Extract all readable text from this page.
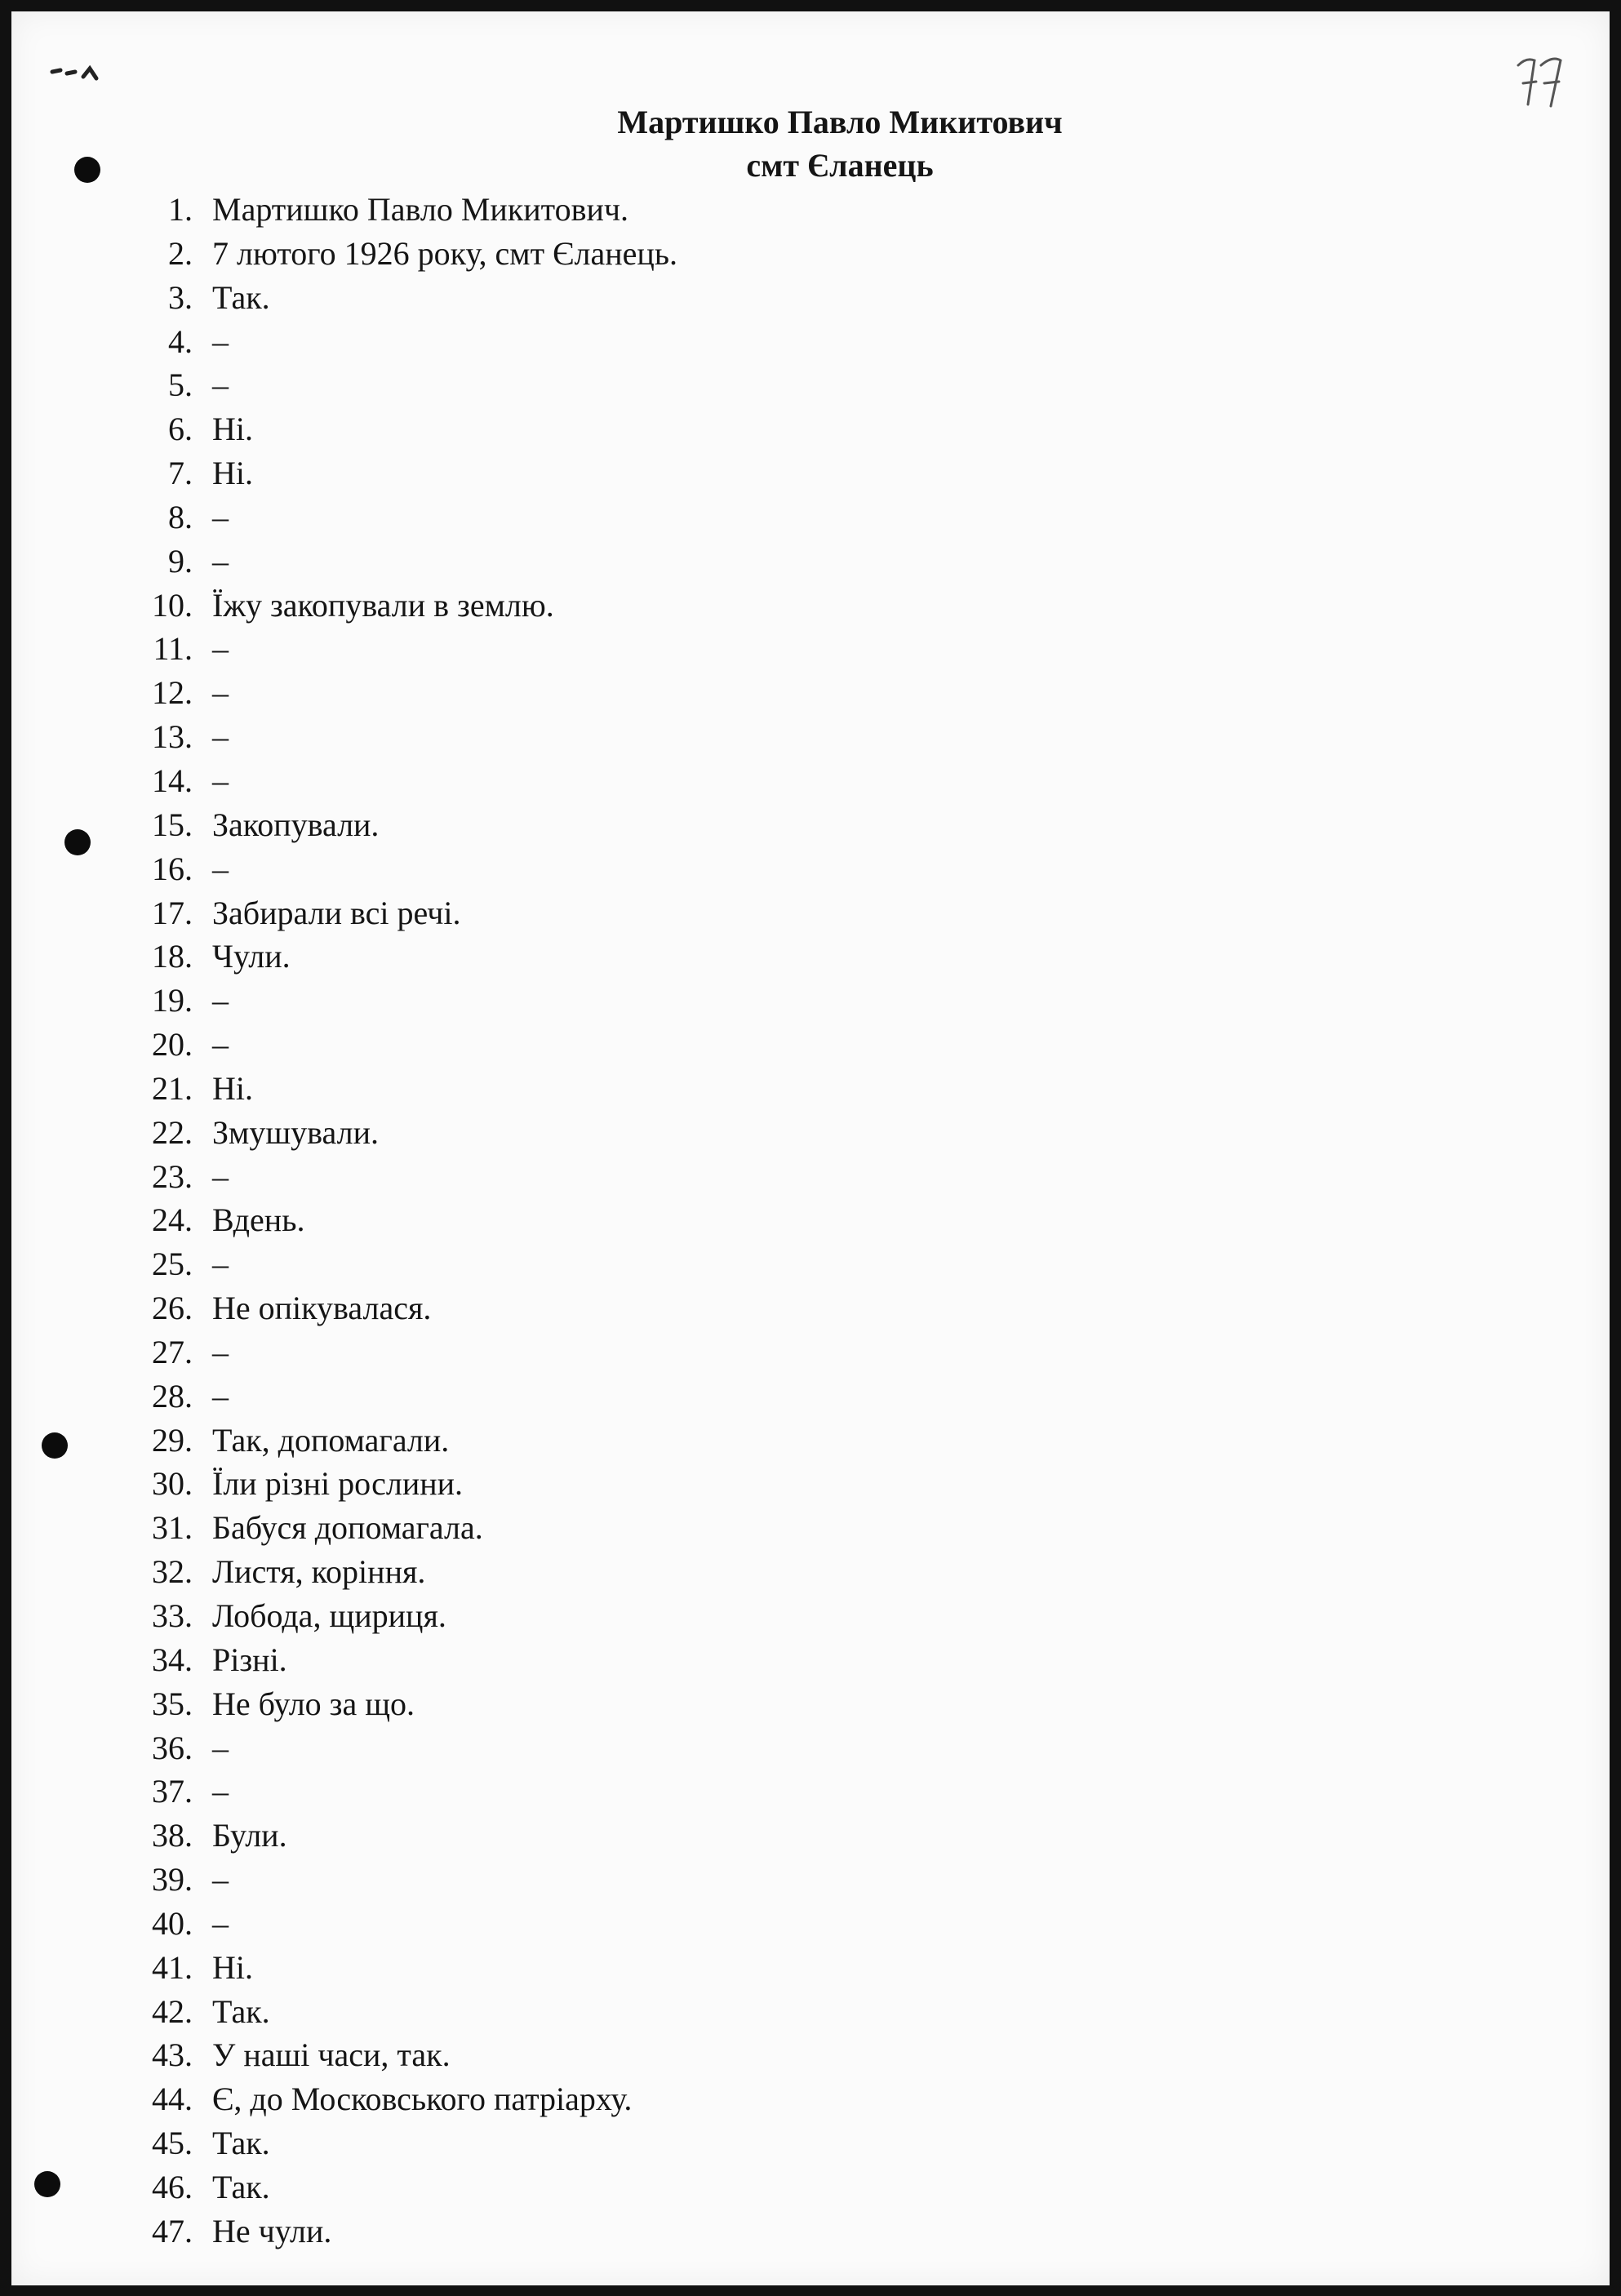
Мартишко Павло Микитович
смт Єланець
1. Мартишко Павло Микитович.
2. 7 лютого 1926 року, смт Єланець.
3. Так.
4. –
5. –
6. Ні.
7. Ні.
8. –
9. –
10. Їжу закопували в землю.
11. –
12. –
13. –
14. –
15. Закопували.
16. –
17. Забирали всі речі.
18. Чули.
19. –
20. –
21. Ні.
22. Змушували.
23. –
24. Вдень.
25. –
26. Не опікувалася.
27. –
28. –
29. Так, допомагали.
30. Їли різні рослини.
31. Бабуся допомагала.
32. Листя, коріння.
33. Лобода, щириця.
34. Різні.
35. Не було за що.
36. –
37. –
38. Були.
39. –
40. –
41. Ні.
42. Так.
43. У наші часи, так.
44. Є, до Московського патріарху.
45. Так.
46. Так.
47. Не чули.
